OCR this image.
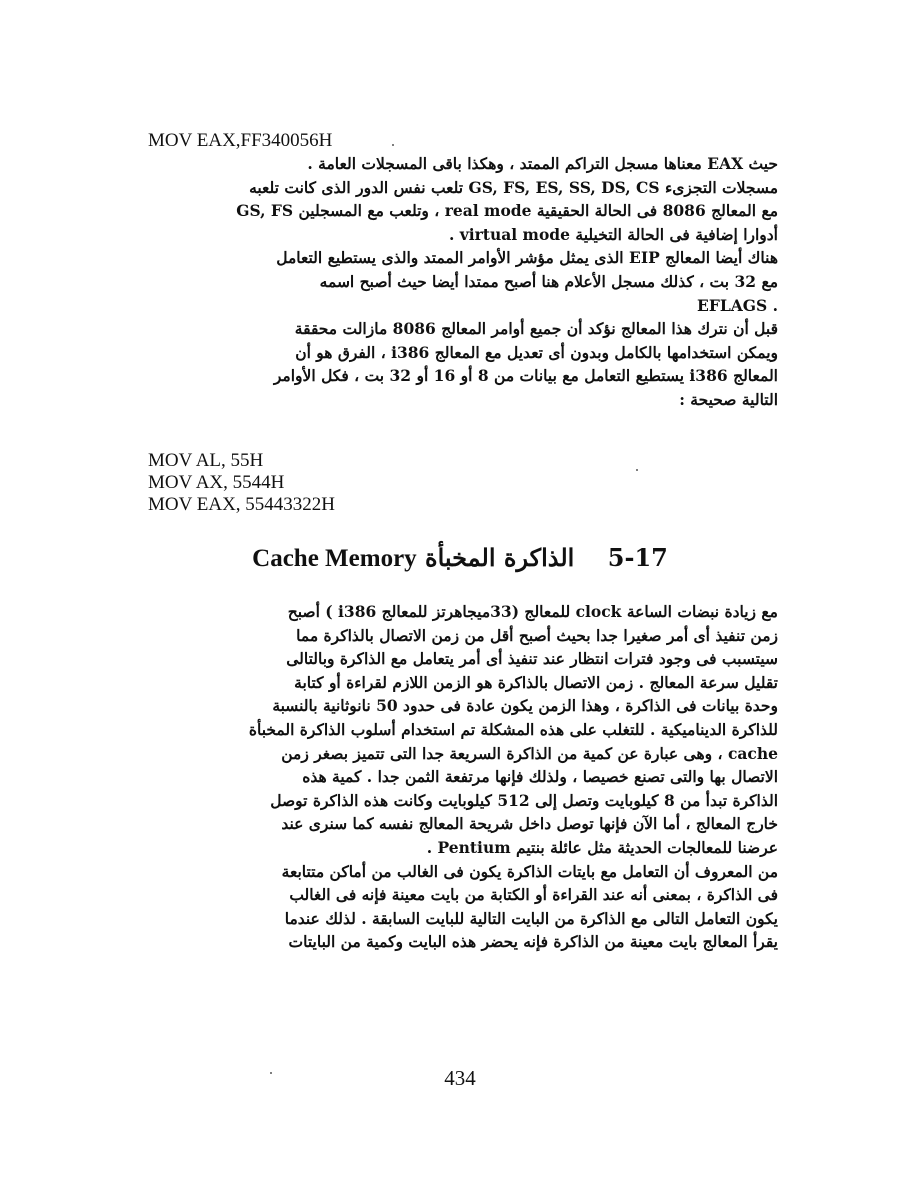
MOV EAX,FF340056H
حيث EAX معناها مسجل التراكم الممتد ، وهكذا باقى المسجلات العامة .
مسجلات التجزىء GS, FS, ES, SS, DS, CS تلعب نفس الدور الذى كانت تلعبه
مع المعالج 8086 فى الحالة الحقيقية real mode ، وتلعب مع المسجلين GS, FS
أدوارا إضافية فى الحالة التخيلية virtual mode .
هناك أيضا المعالج EIP الذى يمثل مؤشر الأوامر الممتد والذى يستطيع التعامل
مع 32 بت ، كذلك مسجل الأعلام هنا أصبح ممتدا أيضا حيث أصبح اسمه
. EFLAGS
قبل أن نترك هذا المعالج نؤكد أن جميع أوامر المعالج 8086 مازالت محققة
ويمكن استخدامها بالكامل وبدون أى تعديل مع المعالج i386 ، الفرق هو أن
المعالج i386 يستطيع التعامل مع بيانات من 8 أو 16 أو 32 بت ، فكل الأوامر
التالية صحيحة :
MOV AL, 55H
MOV AX, 5544H
MOV EAX, 55443322H
5-17    الذاكرة المخبأة Cache Memory
مع زيادة نبضات الساعة clock للمعالج (33ميجاهرتز للمعالج i386 ) أصبح
زمن تنفيذ أى أمر صغيرا جدا بحيث أصبح أقل من زمن الاتصال بالذاكرة مما
سيتسبب فى وجود فترات انتظار عند تنفيذ أى أمر يتعامل مع الذاكرة وبالتالى
تقليل سرعة المعالج . زمن الاتصال بالذاكرة هو الزمن اللازم لقراءة أو كتابة
وحدة بيانات فى الذاكرة ، وهذا الزمن يكون عادة فى حدود 50 نانوثانية بالنسبة
للذاكرة الديناميكية . للتغلب على هذه المشكلة تم استخدام أسلوب الذاكرة المخبأة
cache ، وهى عبارة عن كمية من الذاكرة السريعة جدا التى تتميز بصغر زمن
الاتصال بها والتى تصنع خصيصا ، ولذلك فإنها مرتفعة الثمن جدا . كمية هذه
الذاكرة تبدأ من 8 كيلوبايت وتصل إلى 512 كيلوبايت وكانت هذه الذاكرة توصل
خارج المعالج ، أما الآن فإنها توصل داخل شريحة المعالج نفسه كما سنرى عند
عرضنا للمعالجات الحديثة مثل عائلة بنتيم Pentium .
من المعروف أن التعامل مع بايتات الذاكرة يكون فى الغالب من أماكن متتابعة
فى الذاكرة ، بمعنى أنه عند القراءة أو الكتابة من بايت معينة فإنه فى الغالب
يكون التعامل التالى مع الذاكرة من البايت التالية للبايت السابقة . لذلك عندما
يقرأ المعالج بايت معينة من الذاكرة فإنه يحضر هذه البايت وكمية من البايتات
434
